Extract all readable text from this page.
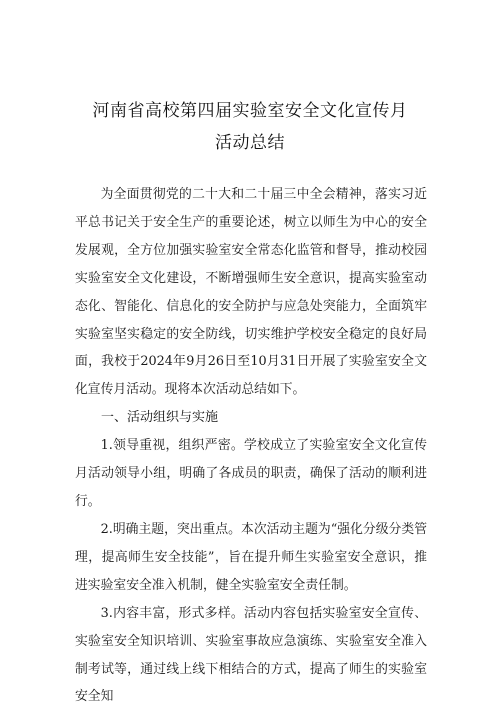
河南省高校第四届实验室安全文化宣传月
活动总结

为全面贯彻党的二十大和二十届三中全会精神，落实习近平总书记关于安全生产的重要论述，树立以师生为中心的安全发展观，全方位加强实验室安全常态化监管和督导，推动校园实验室安全文化建设，不断增强师生安全意识，提高实验室动态化、智能化、信息化的安全防护与应急处突能力，全面筑牢实验室坚实稳定的安全防线，切实维护学校安全稳定的良好局面，我校于2024年9月26日至10月31日开展了实验室安全文化宣传月活动。现将本次活动总结如下。

一、活动组织与实施

1.领导重视，组织严密。学校成立了实验室安全文化宣传月活动领导小组，明确了各成员的职责，确保了活动的顺利进行。

2.明确主题，突出重点。本次活动主题为“强化分级分类管理，提高师生安全技能”，旨在提升师生实验室安全意识，推进实验室安全准入机制，健全实验室安全责任制。

3.内容丰富，形式多样。活动内容包括实验室安全宣传、实验室安全知识培训、实验室事故应急演练、实验室安全准入制考试等，通过线上线下相结合的方式，提高了师生的实验室安全知
